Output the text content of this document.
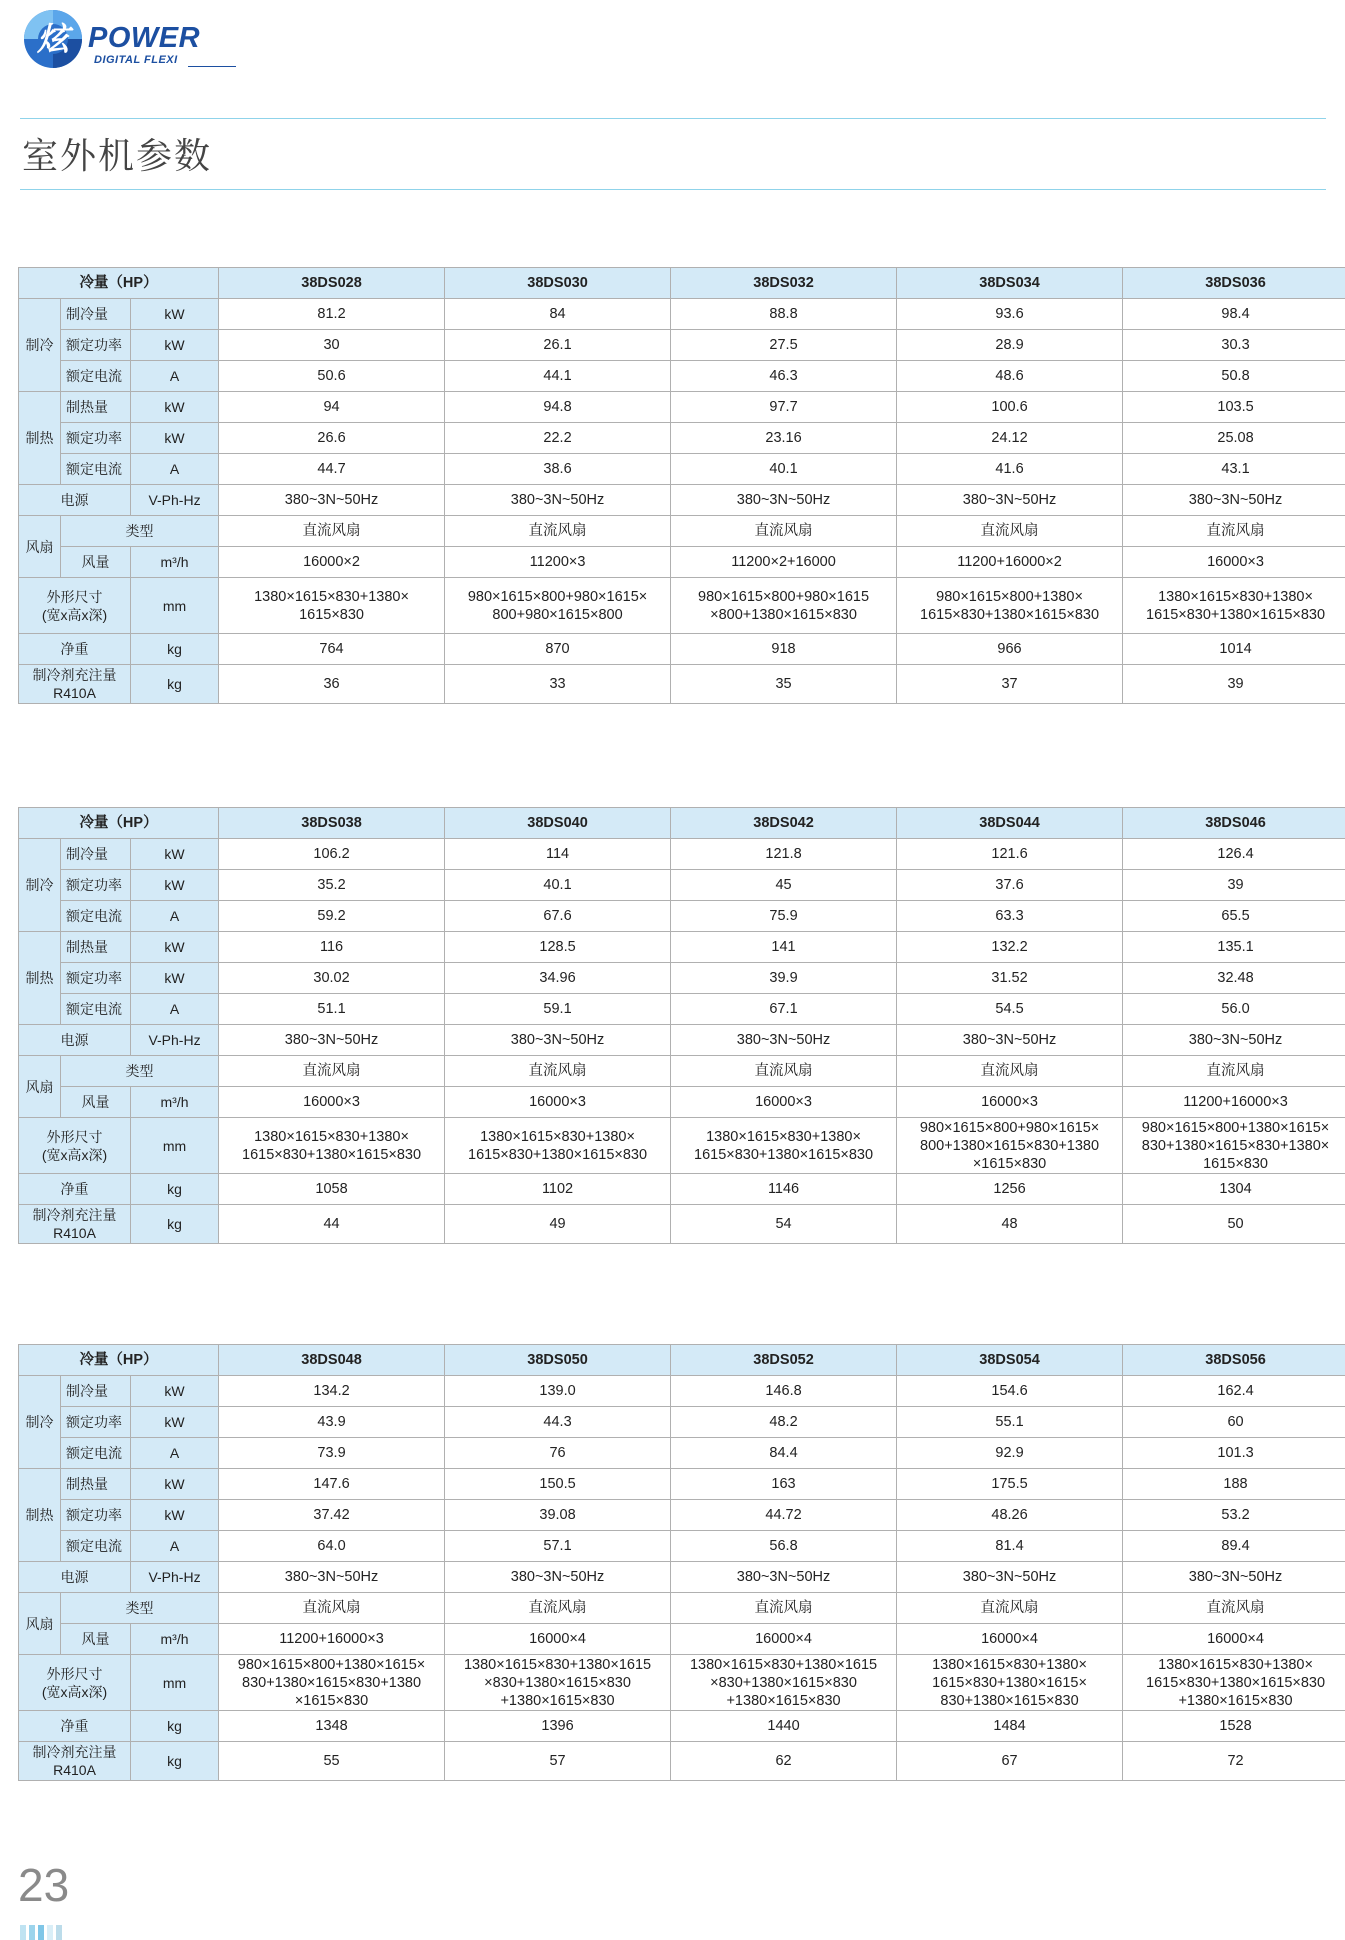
炫 POWER
DIGITAL FLEXI
室外机参数
冷量（HP）			38DS028	38DS030	38DS032	38DS034	38DS036
制冷	制冷量	kW	81.2	84	88.8	93.6	98.4
	额定功率	kW	30	26.1	27.5	28.9	30.3
	额定电流	A	50.6	44.1	46.3	48.6	50.8
制热	制热量	kW	94	94.8	97.7	100.6	103.5
	额定功率	kW	26.6	22.2	23.16	24.12	25.08
	额定电流	A	44.7	38.6	40.1	41.6	43.1
电源		V-Ph-Hz	380~3N~50Hz	380~3N~50Hz	380~3N~50Hz	380~3N~50Hz	380~3N~50Hz
风扇	类型		直流风扇	直流风扇	直流风扇	直流风扇	直流风扇
	风量	m³/h	16000×2	11200×3	11200×2+16000	11200+16000×2	16000×3
外形尺寸
(宽x高x深)		mm	1380×1615×830+1380×
1615×830	980×1615×800+980×1615×
800+980×1615×800	980×1615×800+980×1615
×800+1380×1615×830	980×1615×800+1380×
1615×830+1380×1615×830	1380×1615×830+1380×
1615×830+1380×1615×830
净重		kg	764	870	918	966	1014
制冷剂充注量
R410A		kg	36	33	35	37	39
冷量（HP）			38DS038	38DS040	38DS042	38DS044	38DS046
制冷	制冷量	kW	106.2	114	121.8	121.6	126.4
	额定功率	kW	35.2	40.1	45	37.6	39
	额定电流	A	59.2	67.6	75.9	63.3	65.5
制热	制热量	kW	116	128.5	141	132.2	135.1
	额定功率	kW	30.02	34.96	39.9	31.52	32.48
	额定电流	A	51.1	59.1	67.1	54.5	56.0
电源		V-Ph-Hz	380~3N~50Hz	380~3N~50Hz	380~3N~50Hz	380~3N~50Hz	380~3N~50Hz
风扇	类型		直流风扇	直流风扇	直流风扇	直流风扇	直流风扇
	风量	m³/h	16000×3	16000×3	16000×3	16000×3	11200+16000×3
外形尺寸
(宽x高x深)		mm	1380×1615×830+1380×
1615×830+1380×1615×830	1380×1615×830+1380×
1615×830+1380×1615×830	1380×1615×830+1380×
1615×830+1380×1615×830	980×1615×800+980×1615×
800+1380×1615×830+1380
×1615×830	980×1615×800+1380×1615×
830+1380×1615×830+1380×
1615×830
净重		kg	1058	1102	1146	1256	1304
制冷剂充注量
R410A		kg	44	49	54	48	50
冷量（HP）			38DS048	38DS050	38DS052	38DS054	38DS056
制冷	制冷量	kW	134.2	139.0	146.8	154.6	162.4
	额定功率	kW	43.9	44.3	48.2	55.1	60
	额定电流	A	73.9	76	84.4	92.9	101.3
制热	制热量	kW	147.6	150.5	163	175.5	188
	额定功率	kW	37.42	39.08	44.72	48.26	53.2
	额定电流	A	64.0	57.1	56.8	81.4	89.4
电源		V-Ph-Hz	380~3N~50Hz	380~3N~50Hz	380~3N~50Hz	380~3N~50Hz	380~3N~50Hz
风扇	类型		直流风扇	直流风扇	直流风扇	直流风扇	直流风扇
	风量	m³/h	11200+16000×3	16000×4	16000×4	16000×4	16000×4
外形尺寸
(宽x高x深)		mm	980×1615×800+1380×1615×
830+1380×1615×830+1380
×1615×830	1380×1615×830+1380×1615
×830+1380×1615×830
+1380×1615×830	1380×1615×830+1380×1615
×830+1380×1615×830
+1380×1615×830	1380×1615×830+1380×
1615×830+1380×1615×
830+1380×1615×830	1380×1615×830+1380×
1615×830+1380×1615×830
+1380×1615×830
净重		kg	1348	1396	1440	1484	1528
制冷剂充注量
R410A		kg	55	57	62	67	72
23
